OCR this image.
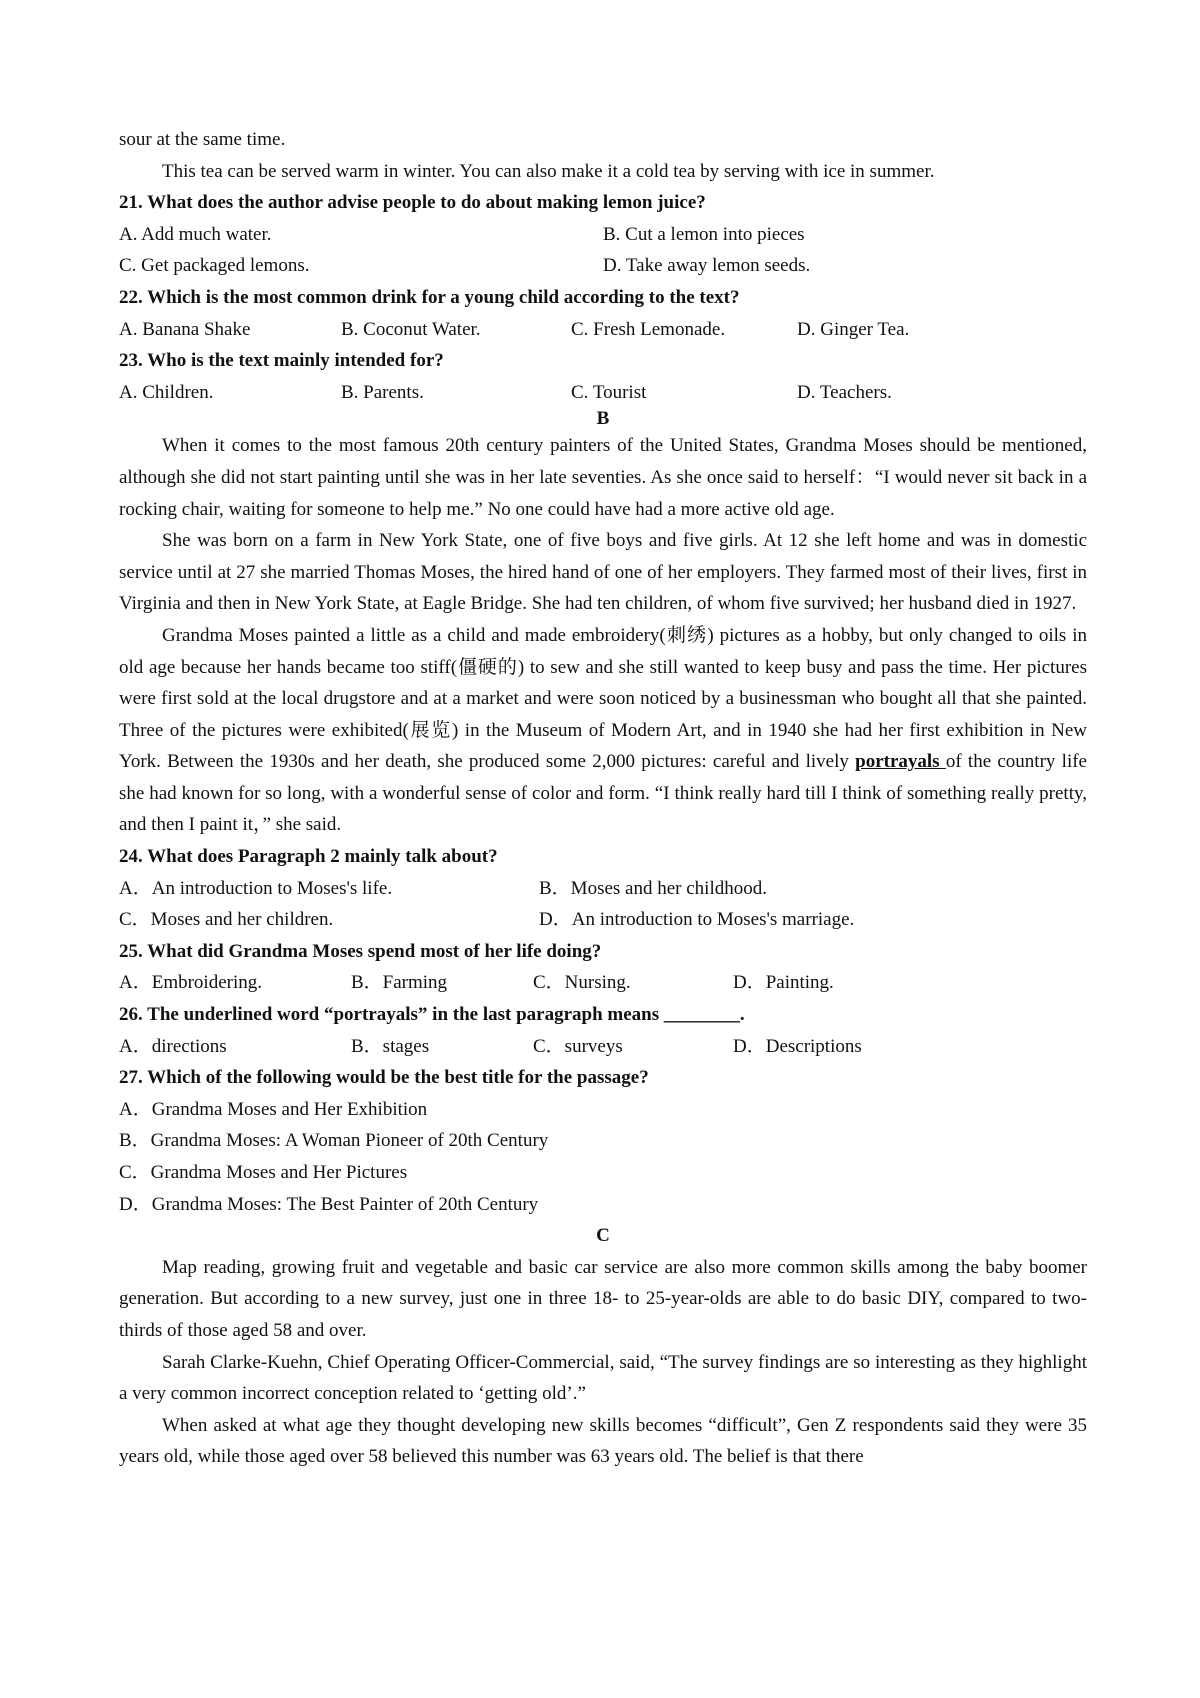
sour at the same time.

This tea can be served warm in winter. You can also make it a cold tea by serving with ice in summer.

21. What does the author advise people to do about making lemon juice?

A. Add much water.	B. Cut a lemon into pieces
C. Get packaged lemons.	D. Take away lemon seeds.

22. Which is the most common drink for a young child according to the text?

A. Banana Shake	B. Coconut Water.	C. Fresh Lemonade.	D. Ginger Tea.

23. Who is the text mainly intended for?

A. Children.	B. Parents.	C. Tourist	D. Teachers.

B

When it comes to the most famous 20th century painters of the United States, Grandma Moses should be mentioned, although she did not start painting until she was in her late seventies. As she once said to herself：“I would never sit back in a rocking chair, waiting for someone to help me.” No one could have had a more active old age.

She was born on a farm in New York State, one of five boys and five girls. At 12 she left home and was in domestic service until at 27 she married Thomas Moses, the hired hand of one of her employers. They farmed most of their lives, first in Virginia and then in New York State, at Eagle Bridge. She had ten children, of whom five survived; her husband died in 1927.

Grandma Moses painted a little as a child and made embroidery(刺绣) pictures as a hobby, but only changed to oils in old age because her hands became too stiff(僵硬的) to sew and she still wanted to keep busy and pass the time. Her pictures were first sold at the local drugstore and at a market and were soon noticed by a businessman who bought all that she painted. Three of the pictures were exhibited(展览) in the Museum of Modern Art, and in 1940 she had her first exhibition in New York. Between the 1930s and her death, she produced some 2,000 pictures: careful and lively portrayals of the country life she had known for so long, with a wonderful sense of color and form. “I think really hard till I think of something really pretty, and then I paint it，” she said.

24. What does Paragraph 2 mainly talk about?

A．An introduction to Moses's life.	B．Moses and her childhood.
C．Moses and her children.	D．An introduction to Moses's marriage.

25. What did Grandma Moses spend most of her life doing?

A．Embroidering.	B．Farming	C．Nursing.	D．Painting.

26. The underlined word “portrayals” in the last paragraph means ________.

A．directions	B．stages	C．surveys	D．Descriptions

27. Which of the following would be the best title for the passage?

A．Grandma Moses and Her Exhibition

B．Grandma Moses: A Woman Pioneer of 20th Century

C．Grandma Moses and Her Pictures

D．Grandma Moses: The Best Painter of 20th Century

C

Map reading, growing fruit and vegetable and basic car service are also more common skills among the baby boomer generation. But according to a new survey, just one in three 18- to 25-year-olds are able to do basic DIY, compared to two-thirds of those aged 58 and over.

Sarah Clarke-Kuehn, Chief Operating Officer-Commercial, said, “The survey findings are so interesting as they highlight a very common incorrect conception related to ‘getting old’.”

When asked at what age they thought developing new skills becomes “difficult”, Gen Z respondents said they were 35 years old, while those aged over 58 believed this number was 63 years old. The belief is that there
